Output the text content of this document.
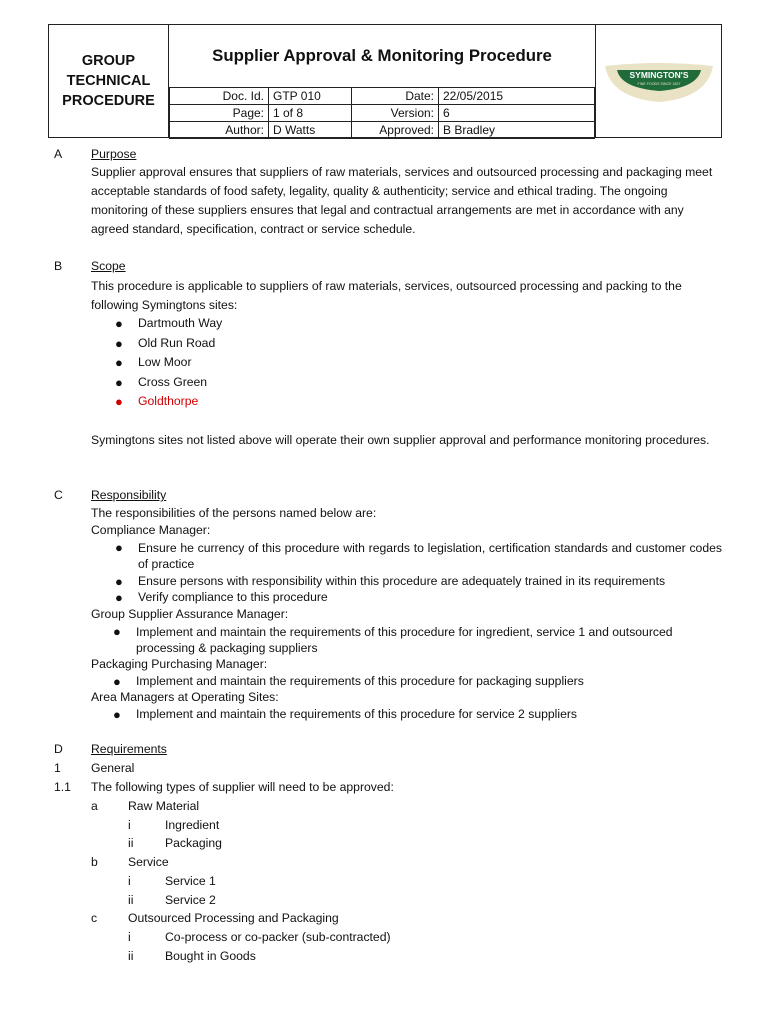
GROUP
TECHNICAL
PROCEDURE
Supplier Approval & Monitoring Procedure
Doc. Id.	GTP 010	Date:	22/05/2015
Page:	1 of 8	Version:	6
Author:	D Watts	Approved:	B Bradley
SYMINGTON'S
FINE FOODS SINCE 1827
A Purpose
Supplier approval ensures that suppliers of raw materials, services and outsourced processing and packaging meet acceptable standards of food safety, legality, quality & authenticity; service and ethical trading. The ongoing monitoring of these suppliers ensures that legal and contractual arrangements are met in accordance with any agreed standard, specification, contract or service schedule.
B Scope
This procedure is applicable to suppliers of raw materials, services, outsourced processing and packing to the following Symingtons sites:
● Dartmouth Way
● Old Run Road
● Low Moor
● Cross Green
● Goldthorpe
Symingtons sites not listed above will operate their own supplier approval and performance monitoring procedures.
C Responsibility
The responsibilities of the persons named below are:
Compliance Manager:
● Ensure he currency of this procedure with regards to legislation, certification standards and customer codes of practice
● Ensure persons with responsibility within this procedure are adequately trained in its requirements
● Verify compliance to this procedure
Group Supplier Assurance Manager:
● Implement and maintain the requirements of this procedure for ingredient, service 1 and outsourced processing & packaging suppliers
Packaging Purchasing Manager:
● Implement and maintain the requirements of this procedure for packaging suppliers
Area Managers at Operating Sites:
● Implement and maintain the requirements of this procedure for service 2 suppliers
D Requirements
1 General
1.1 The following types of supplier will need to be approved:
a Raw Material
i	Ingredient
ii	Packaging
b Service
i	Service 1
ii	Service 2
c	Outsourced Processing and Packaging
i	Co-process or co-packer (sub-contracted)
ii	Bought in Goods
